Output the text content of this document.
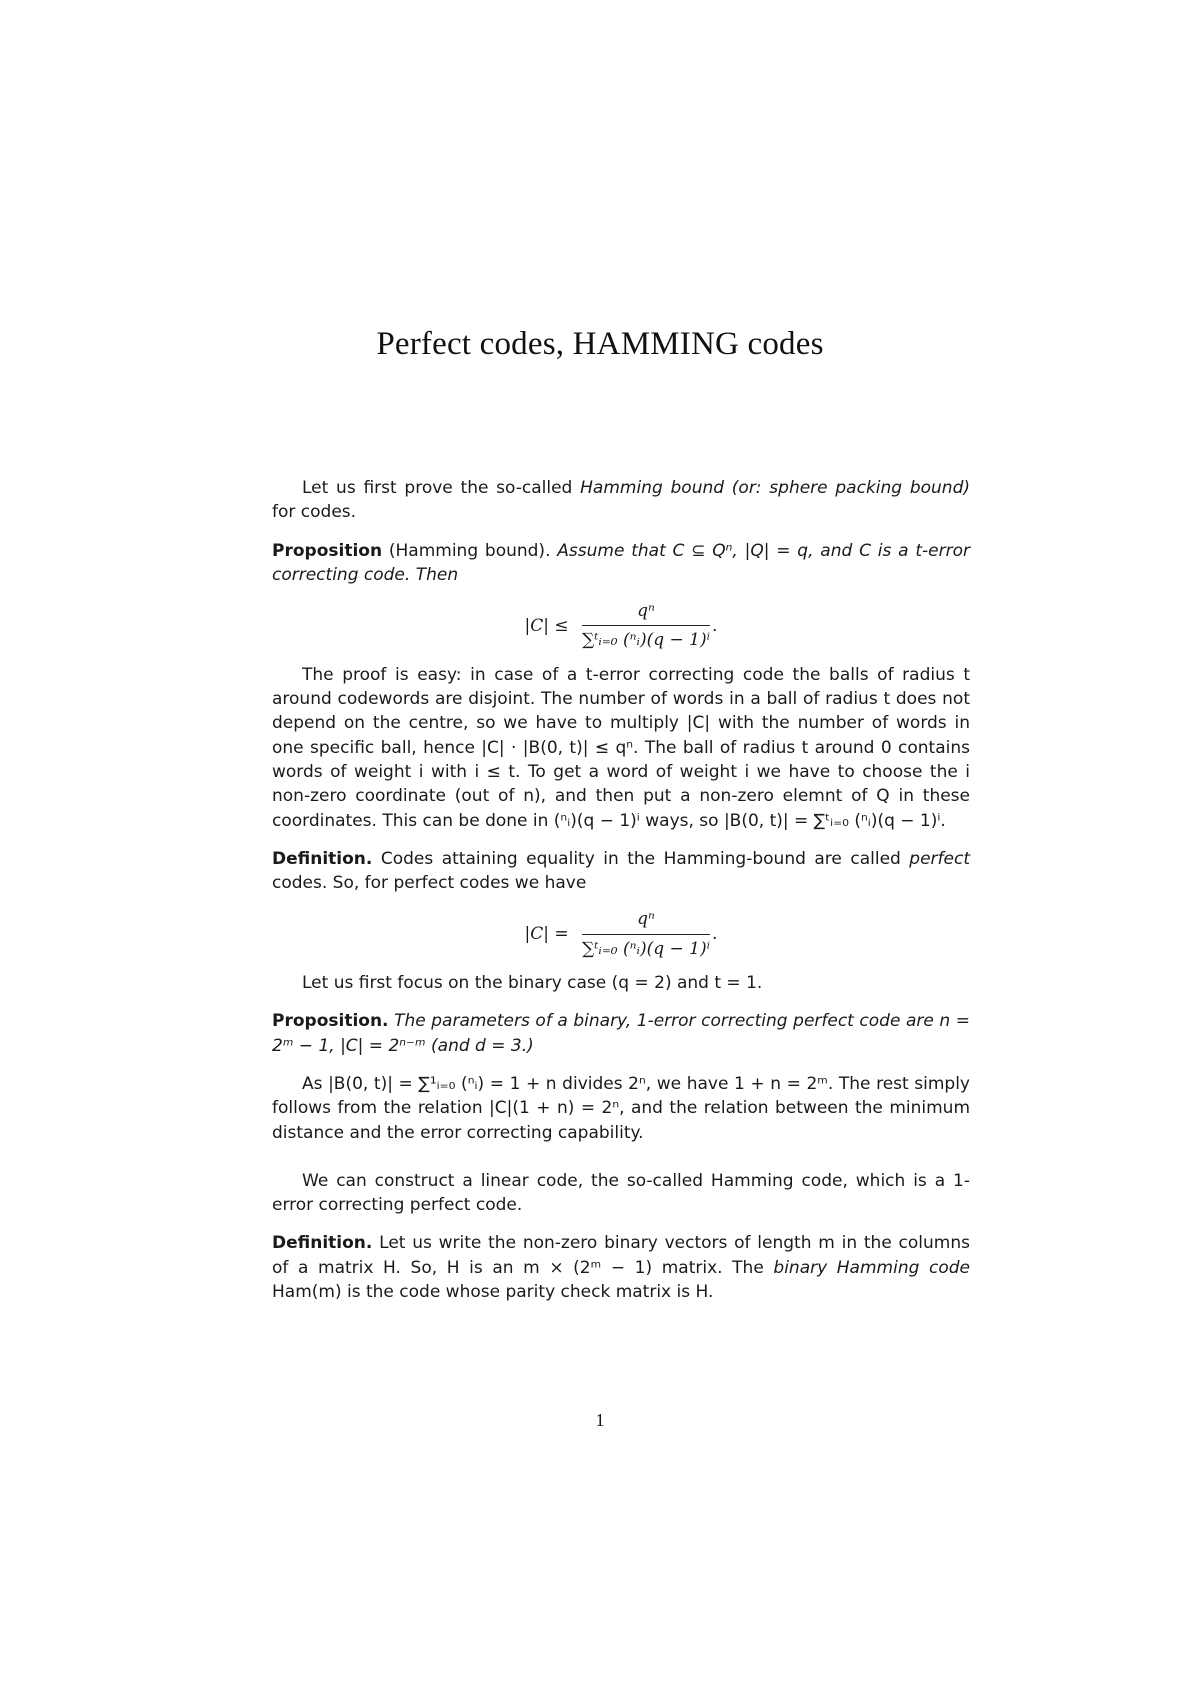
Perfect codes, HAMMING codes

Let us first prove the so-called Hamming bound (or: sphere packing bound) for codes.

Proposition (Hamming bound). Assume that C ⊆ Qⁿ, |Q| = q, and C is a t-error correcting code. Then

$|C| \le \frac{\text{qⁿ}}{\text{∑ᵗᵢ₌₀ (ⁿᵢ)(q − 1)ⁱ}}$ .

The proof is easy: in case of a t-error correcting code the balls of radius t around codewords are disjoint. The number of words in a ball of radius t does not depend on the centre, so we have to multiply |C| with the number of words in one specific ball, hence |C| · |B(0, t)| ≤ qⁿ. The ball of radius t around 0 contains words of weight i with i ≤ t. To get a word of weight i we have to choose the i non-zero coordinate (out of n), and then put a non-zero elemnt of Q in these coordinates. This can be done in (ⁿᵢ)(q − 1)ⁱ ways, so |B(0, t)| = ∑ᵗᵢ₌₀ (ⁿᵢ)(q − 1)ⁱ.

Definition. Codes attaining equality in the Hamming-bound are called perfect codes. So, for perfect codes we have

$|C| = \frac{\text{qⁿ}}{\text{∑ᵗᵢ₌₀ (ⁿᵢ)(q − 1)ⁱ}}$ .

Let us first focus on the binary case (q = 2) and t = 1.

Proposition. The parameters of a binary, 1-error correcting perfect code are n = 2ᵐ − 1, |C| = 2ⁿ⁻ᵐ (and d = 3.)

As |B(0, t)| = ∑¹ᵢ₌₀ (ⁿᵢ) = 1 + n divides 2ⁿ, we have 1 + n = 2ᵐ. The rest simply follows from the relation |C|(1 + n) = 2ⁿ, and the relation between the minimum distance and the error correcting capability.

We can construct a linear code, the so-called Hamming code, which is a 1-error correcting perfect code.

Definition. Let us write the non-zero binary vectors of length m in the columns of a matrix H. So, H is an m × (2ᵐ − 1) matrix. The binary Hamming code Ham(m) is the code whose parity check matrix is H.

1
